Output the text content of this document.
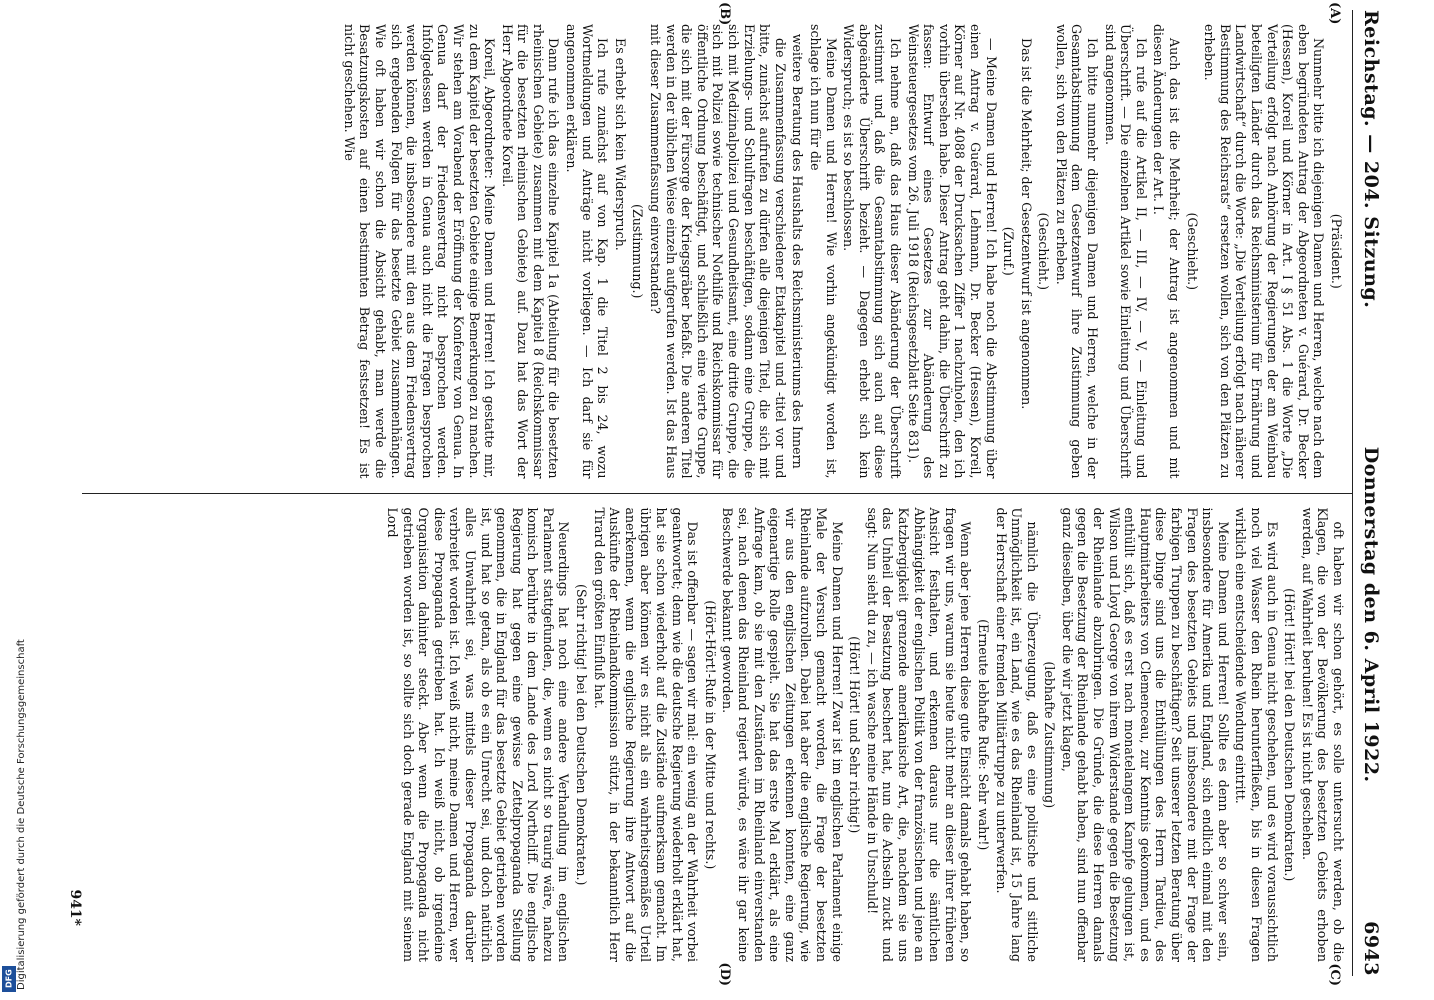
Digitalisierung gefördert durch die Deutsche Forschungsgemeinschaft
DFG
Reichstag. — 204. Sitzung.
Donnerstag den 6. April 1922.
6943
(A)
(B)
(C)
(D)

(Präsident.)

Nunmehr bitte ich diejenigen Damen und Herren, welche nach dem eben begründeten Antrag der Abgeordneten v. Guérard, Dr. Becker (Hessen), Koreil und Körner in Art. I § 51 Abs. 1 die Worte „Die Verteilung erfolgt nach Anhörung der Regierungen der am Weinbau beteiligten Länder durch das Reichsministerium für Ernährung und Landwirtschaft“ durch die Worte: „Die Verteilung erfolgt nach näherer Bestimmung des Reichsrats“ ersetzen wollen, sich von den Plätzen zu erheben.

(Geschieht.)

Auch das ist die Mehrheit; der Antrag ist angenommen und mit diesen Änderungen der Art. I.

Ich rufe auf die Artikel II, — III, — IV, — V, — Einleitung und Überschrift. — Die einzelnen Artikel sowie Einleitung und Überschrift sind angenommen.

Ich bitte nunmehr diejenigen Damen und Herren, welche in der Gesamtabstimmung dem Gesetzentwurf ihre Zustimmung geben wollen, sich von den Plätzen zu erheben.

(Geschieht.)

Das ist die Mehrheit; der Gesetzentwurf ist angenommen.

(Zuruf.)

— Meine Damen und Herren! Ich habe noch die Abstimmung über einen Antrag v. Guérard, Lehmann, Dr. Becker (Hessen), Koreil, Körner auf Nr. 4088 der Drucksachen Ziffer 1 nachzuholen, den ich vorhin übersehen habe. Dieser Antrag geht dahin, die Überschrift zu fassen: Entwurf eines Gesetzes zur Abänderung des Weinsteuergesetzes vom 26. Juli 1918 (Reichsgesetzblatt Seite 831).

Ich nehme an, daß das Haus dieser Abänderung der Überschrift zustimmt und daß die Gesamtabstimmung sich auch auf diese abgeänderte Überschrift bezieht. — Dagegen erhebt sich kein Widerspruch; es ist so beschlossen.

Meine Damen und Herren! Wie vorhin angekündigt worden ist, schlage ich nun für die

weitere Beratung des Haushalts des Reichsministeriums des Innern

die Zusammenfassung verschiedener Etatkapitel und -titel vor und bitte, zunächst aufrufen zu dürfen alle diejenigen Titel, die sich mit Erziehungs- und Schulfragen beschäftigen, sodann eine Gruppe, die sich mit Medizinalpolizei und Gesundheitsamt, eine dritte Gruppe, die sich mit Polizei sowie technischer Nothilfe und Reichskommissar für öffentliche Ordnung beschäftigt, und schließlich eine vierte Gruppe, die sich mit der Fürsorge der Kriegsgräber befaßt. Die anderen Titel werden in der üblichen Weise einzeln aufgerufen werden. Ist das Haus mit dieser Zusammenfassung einverstanden?

(Zustimmung.)

Es erhebt sich kein Widerspruch.

Ich rufe zunächst auf von Kap. 1 die Titel 2 bis 24, wozu Wortmeldungen und Anträge nicht vorliegen. — Ich darf sie für angenommen erklären.

Dann rufe ich das einzelne Kapitel 1a (Abteilung für die besetzten rheinischen Gebiete) zusammen mit dem Kapitel 8 (Reichskommissar für die besetzten rheinischen Gebiete) auf. Dazu hat das Wort der Herr Abgeordnete Koreil.

Koreil, Abgeordneter: Meine Damen und Herren! Ich gestatte mir, zu dem Kapitel der besetzten Gebiete einige Bemerkungen zu machen. Wir stehen am Vorabend der Eröffnung der Konferenz von Genua. In Genua darf der Friedensvertrag nicht besprochen werden. Infolgedessen werden in Genua auch nicht die Fragen besprochen werden können, die insbesondere mit den aus dem Friedensvertrag sich ergebenden Folgen für das besetzte Gebiet zusammenhängen. Wie oft haben wir schon die Absicht gehabt, man werde die Besatzungskosten auf einen bestimmten Betrag festsetzen! Es ist nicht geschehen. Wie

oft haben wir schon gehört, es solle untersucht werden, ob die Klagen, die von der Bevölkerung des besetzten Gebiets erhoben werden, auf Wahrheit beruhen! Es ist nicht geschehen.

(Hört! Hört! bei den Deutschen Demokraten.)

Es wird auch in Genua nicht geschehen, und es wird voraussichtlich noch viel Wasser den Rhein herunterfließen, bis in diesen Fragen wirklich eine entscheidende Wendung eintritt.

Meine Damen und Herren! Sollte es denn aber so schwer sein, insbesondere für Amerika und England, sich endlich einmal mit den Fragen des besetzten Gebiets und insbesondere mit der Frage der farbigen Truppen zu beschäftigen? Seit unserer letzten Beratung über diese Dinge sind uns die Enthüllungen des Herrn Tardieu, des Hauptmitarbeiters von Clemenceau, zur Kenntnis gekommen, und es enthüllt sich, daß es erst nach monatelangem Kampfe gelungen ist, Wilson und Lloyd George von ihrem Widerstande gegen die Besetzung der Rheinlande abzubringen. Die Gründe, die diese Herren damals gegen die Besetzung der Rheinlande gehabt haben, sind nun offenbar ganz dieselben, über die wir jetzt klagen,

(lebhafte Zustimmung)

nämlich die Überzeugung, daß es eine politische und sittliche Unmöglichkeit ist, ein Land, wie es das Rheinland ist, 15 Jahre lang der Herrschaft einer fremden Militärtruppe zu unterwerfen.

(Erneute lebhafte Rufe: Sehr wahr!)

Wenn aber jene Herren diese gute Einsicht damals gehabt haben, so fragen wir uns, warum sie heute nicht mehr an dieser ihrer früheren Ansicht festhalten, und erkennen daraus nur die sämtlichen Abhängigkeit der englischen Politik von der französischen und jene an Katzbergigkeit grenzende amerikanische Art, die, nachdem sie uns das Unheil der Besatzung beschert hat, nun die Achseln zuckt und sagt: Nun sieht du zu, — ich wasche meine Hände in Unschuld!

(Hört! Hört! und Sehr richtig!)

Meine Damen und Herren! Zwar ist im englischen Parlament einige Male der Versuch gemacht worden, die Frage der besetzten Rheinlande aufzurollen. Dabei hat aber die englische Regierung, wie wir aus den englischen Zeitungen erkennen konnten, eine ganz eigenartige Rolle gespielt. Sie hat das erste Mal erklärt, als eine Anfrage kam, ob sie mit den Zuständen im Rheinland einverstanden sei, nach denen das Rheinland regiert würde, es wäre ihr gar keine Beschwerde bekannt geworden.

(Hört-Hört!-Rufe in der Mitte und rechts.)

Das ist offenbar — sagen wir mal: ein wenig an der Wahrheit vorbei geantwortet; denn wie die deutsche Regierung wiederholt erklärt hat, hat sie schon wiederholt auf die Zustände aufmerksam gemacht. Im übrigen aber können wir es nicht als ein wahrheitsgemäßes Urteil anerkennen, wenn die englische Regierung ihre Antwort auf die Auskünfte der Rheinlandkommission stützt, in der bekanntlich Herr Tirard den größten Einfluß hat.

(Sehr richtig! bei den Deutschen Demokraten.)

Neuerdings hat noch eine andere Verhandlung im englischen Parlament stattgefunden, die, wenn es nicht so traurig wäre, nahezu komisch berührte in dem Lande des Lord Northcliff. Die englische Regierung hat gegen eine gewisse Zettelpropaganda Stellung genommen, die in England für das besetzte Gebiet getrieben worden ist, und hat so getan, als ob es ein Unrecht sei, und doch natürlich alles Unwahrheit sei, was mittels dieser Propaganda darüber verbreitet worden ist. Ich weiß nicht, meine Damen und Herren, wer diese Propaganda getrieben hat. Ich weiß nicht, ob irgendeine Organisation dahinter steckt. Aber wenn die Propaganda nicht getrieben worden ist, so sollte sich doch gerade England mit seinem Lord

941*
